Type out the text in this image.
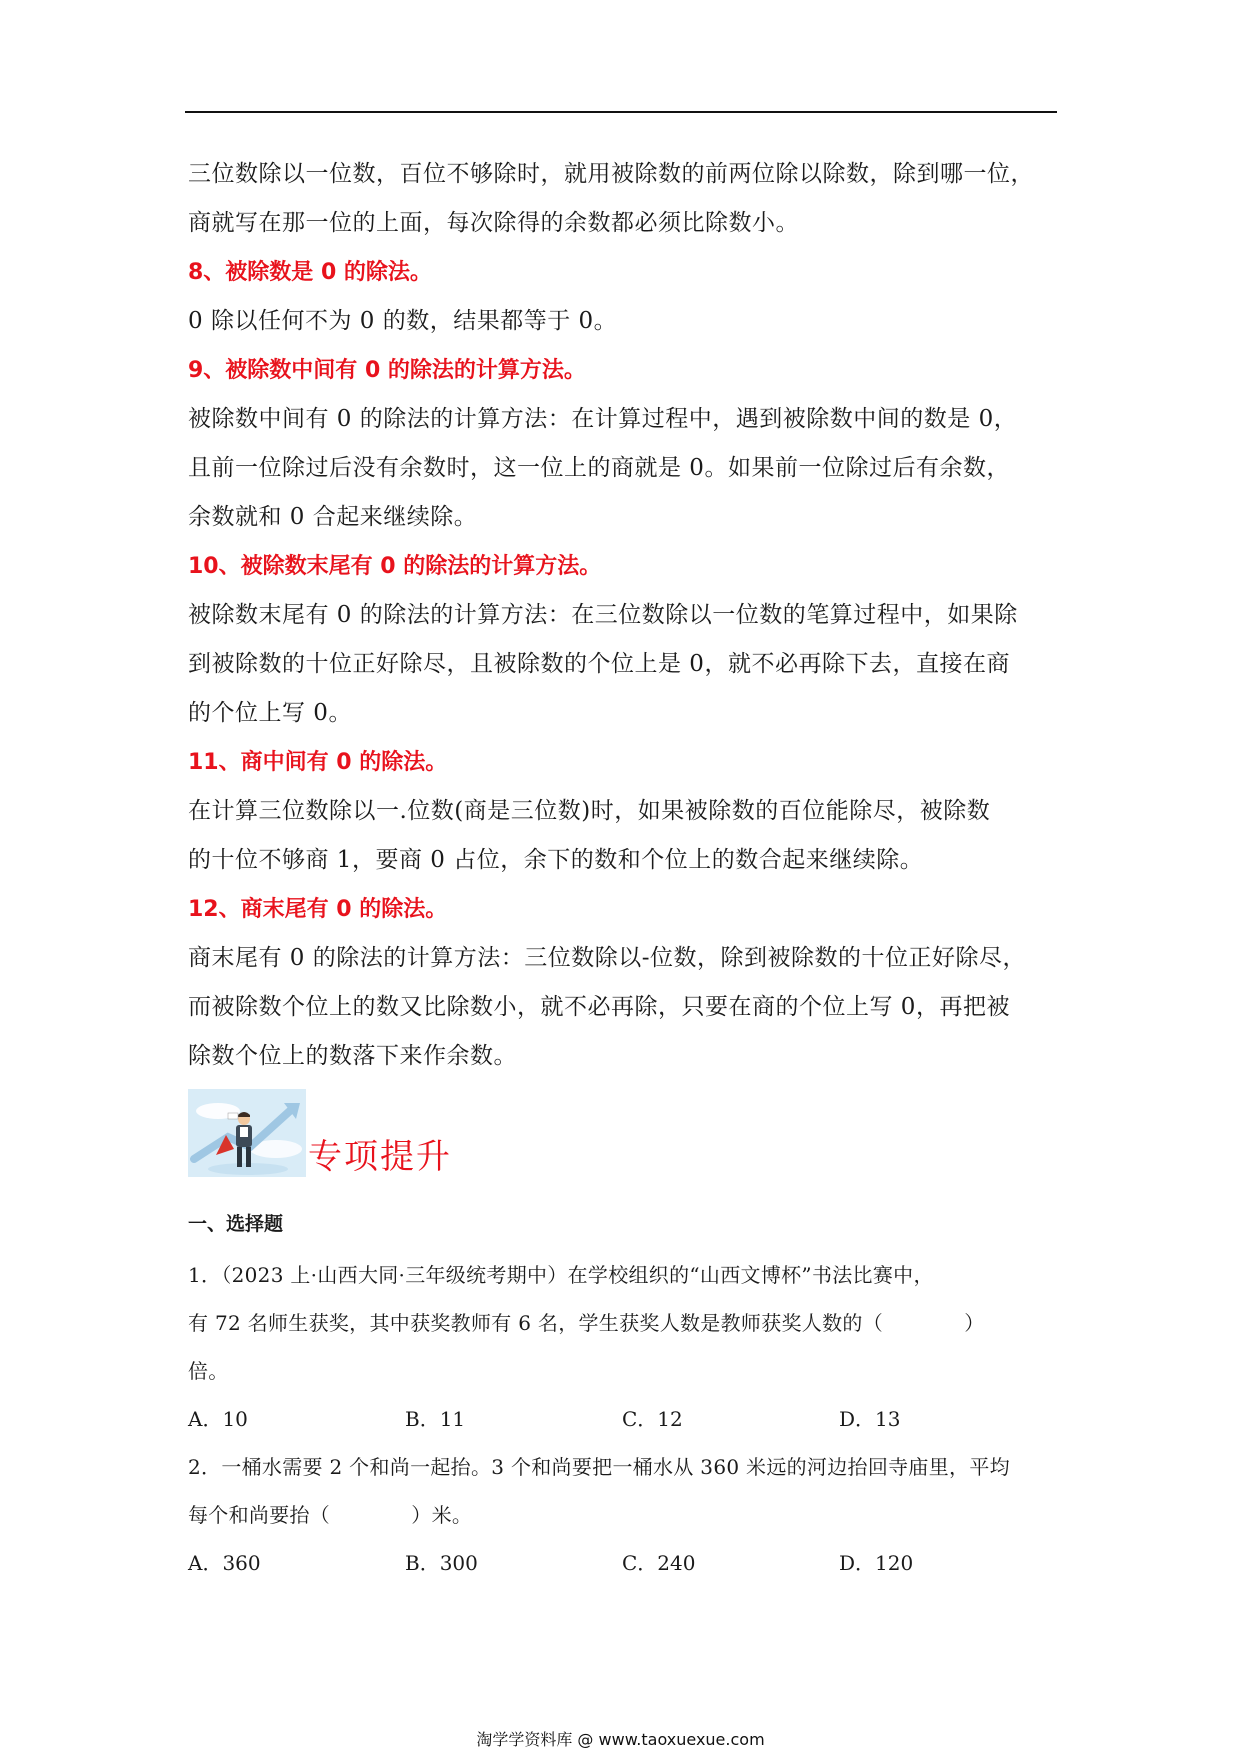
三位数除以一位数，百位不够除时，就用被除数的前两位除以除数，除到哪一位，

商就写在那一位的上面，每次除得的余数都必须比除数小。

8、被除数是 0 的除法。

0 除以任何不为 0 的数，结果都等于 0。

9、被除数中间有 0 的除法的计算方法。

被除数中间有 0 的除法的计算方法：在计算过程中，遇到被除数中间的数是 0，

且前一位除过后没有余数时，这一位上的商就是 0。如果前一位除过后有余数，

余数就和 0 合起来继续除。

10、被除数末尾有 0 的除法的计算方法。

被除数末尾有 0 的除法的计算方法：在三位数除以一位数的笔算过程中，如果除

到被除数的十位正好除尽，且被除数的个位上是 0，就不必再除下去，直接在商

的个位上写 0。

11、商中间有 0 的除法。

在计算三位数除以一.位数(商是三位数)时，如果被除数的百位能除尽，被除数

的十位不够商 1，要商 0 占位，余下的数和个位上的数合起来继续除。

12、商末尾有 0 的除法。

商末尾有 0 的除法的计算方法：三位数除以-位数，除到被除数的十位正好除尽，

而被除数个位上的数又比除数小，就不必再除，只要在商的个位上写 0，再把被

除数个位上的数落下来作余数。

专项提升

一、选择题

1．（2023 上·山西大同·三年级统考期中）在学校组织的“山西文博杯”书法比赛中，

有 72 名师生获奖，其中获奖教师有 6 名，学生获奖人数是教师获奖人数的（　　　　）

倍。

A．10	B．11	C．12	D．13

2．一桶水需要 2 个和尚一起抬。3 个和尚要把一桶水从 360 米远的河边抬回寺庙里，平均

每个和尚要抬（　　　　）米。

A．360	B．300	C．240	D．120
淘学学资料库 @ www.taoxuexue.com
